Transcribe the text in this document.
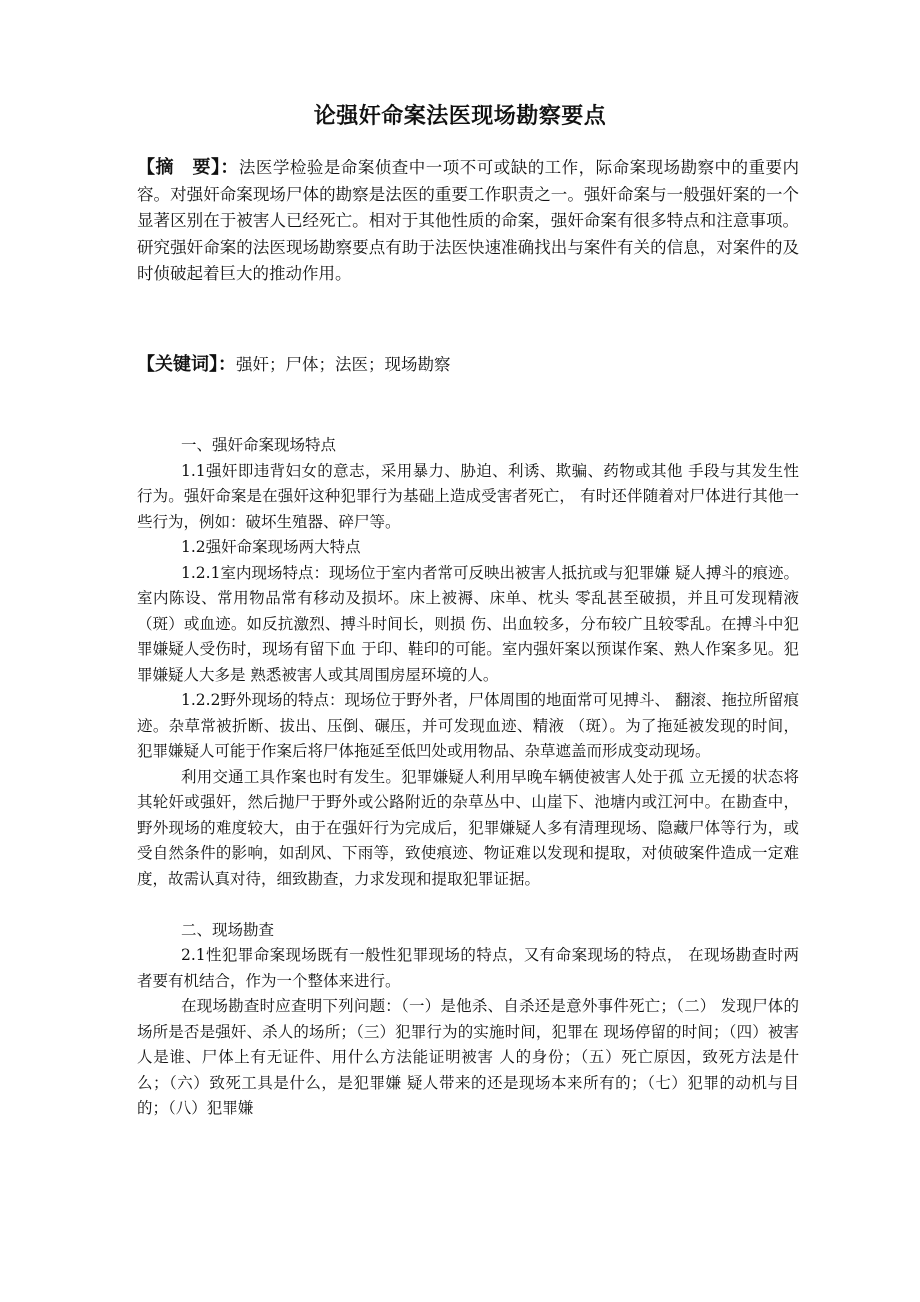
论强奸命案法医现场勘察要点

【摘　要】：法医学检验是命案侦查中一项不可或缺的工作，际命案现场勘察中的重要内容。对强奸命案现场尸体的勘察是法医的重要工作职责之一。强奸命案与一般强奸案的一个显著区别在于被害人已经死亡。相对于其他性质的命案，强奸命案有很多特点和注意事项。研究强奸命案的法医现场勘察要点有助于法医快速准确找出与案件有关的信息，对案件的及时侦破起着巨大的推动作用。

【关键词】：强奸；尸体；法医；现场勘察

一、强奸命案现场特点

1.1强奸即违背妇女的意志，采用暴力、胁迫、利诱、欺骗、药物或其他 手段与其发生性行为。强奸命案是在强奸这种犯罪行为基础上造成受害者死亡， 有时还伴随着对尸体进行其他一些行为，例如：破坏生殖器、碎尸等。

1.2强奸命案现场两大特点

1.2.1室内现场特点：现场位于室内者常可反映出被害人抵抗或与犯罪嫌 疑人搏斗的痕迹。室内陈设、常用物品常有移动及损坏。床上被褥、床单、枕头 零乱甚至破损，并且可发现精液（斑）或血迹。如反抗激烈、搏斗时间长，则损 伤、出血较多，分布较广且较零乱。在搏斗中犯罪嫌疑人受伤时，现场有留下血 于印、鞋印的可能。室内强奸案以预谋作案、熟人作案多见。犯罪嫌疑人大多是 熟悉被害人或其周围房屋环境的人。

1.2.2野外现场的特点：现场位于野外者，尸体周围的地面常可见搏斗、 翻滚、拖拉所留痕迹。杂草常被折断、拔出、压倒、碾压，并可发现血迹、精液 （斑）。为了拖延被发现的时间，犯罪嫌疑人可能于作案后将尸体拖延至低凹处或用物品、杂草遮盖而形成变动现场。

利用交通工具作案也时有发生。犯罪嫌疑人利用早晚车辆使被害人处于孤 立无援的状态将其轮奸或强奸，然后抛尸于野外或公路附近的杂草丛中、山崖下、池塘内或江河中。在勘查中，野外现场的难度较大，由于在强奸行为完成后，犯罪嫌疑人多有清理现场、隐藏尸体等行为，或受自然条件的影响，如刮风、下雨等，致使痕迹、物证难以发现和提取，对侦破案件造成一定难度，故需认真对待，细致勘查，力求发现和提取犯罪证据。

二、现场勘查

2.1性犯罪命案现场既有一般性犯罪现场的特点，又有命案现场的特点， 在现场勘查时两者要有机结合，作为一个整体来进行。

在现场勘查时应查明下列问题：（一）是他杀、自杀还是意外事件死亡；（二） 发现尸体的场所是否是强奸、杀人的场所；（三）犯罪行为的实施时间，犯罪在 现场停留的时间；（四）被害人是谁、尸体上有无证件、用什么方法能证明被害 人的身份；（五）死亡原因，致死方法是什么；（六）致死工具是什么，是犯罪嫌 疑人带来的还是现场本来所有的；（七）犯罪的动机与目的；（八）犯罪嫌
